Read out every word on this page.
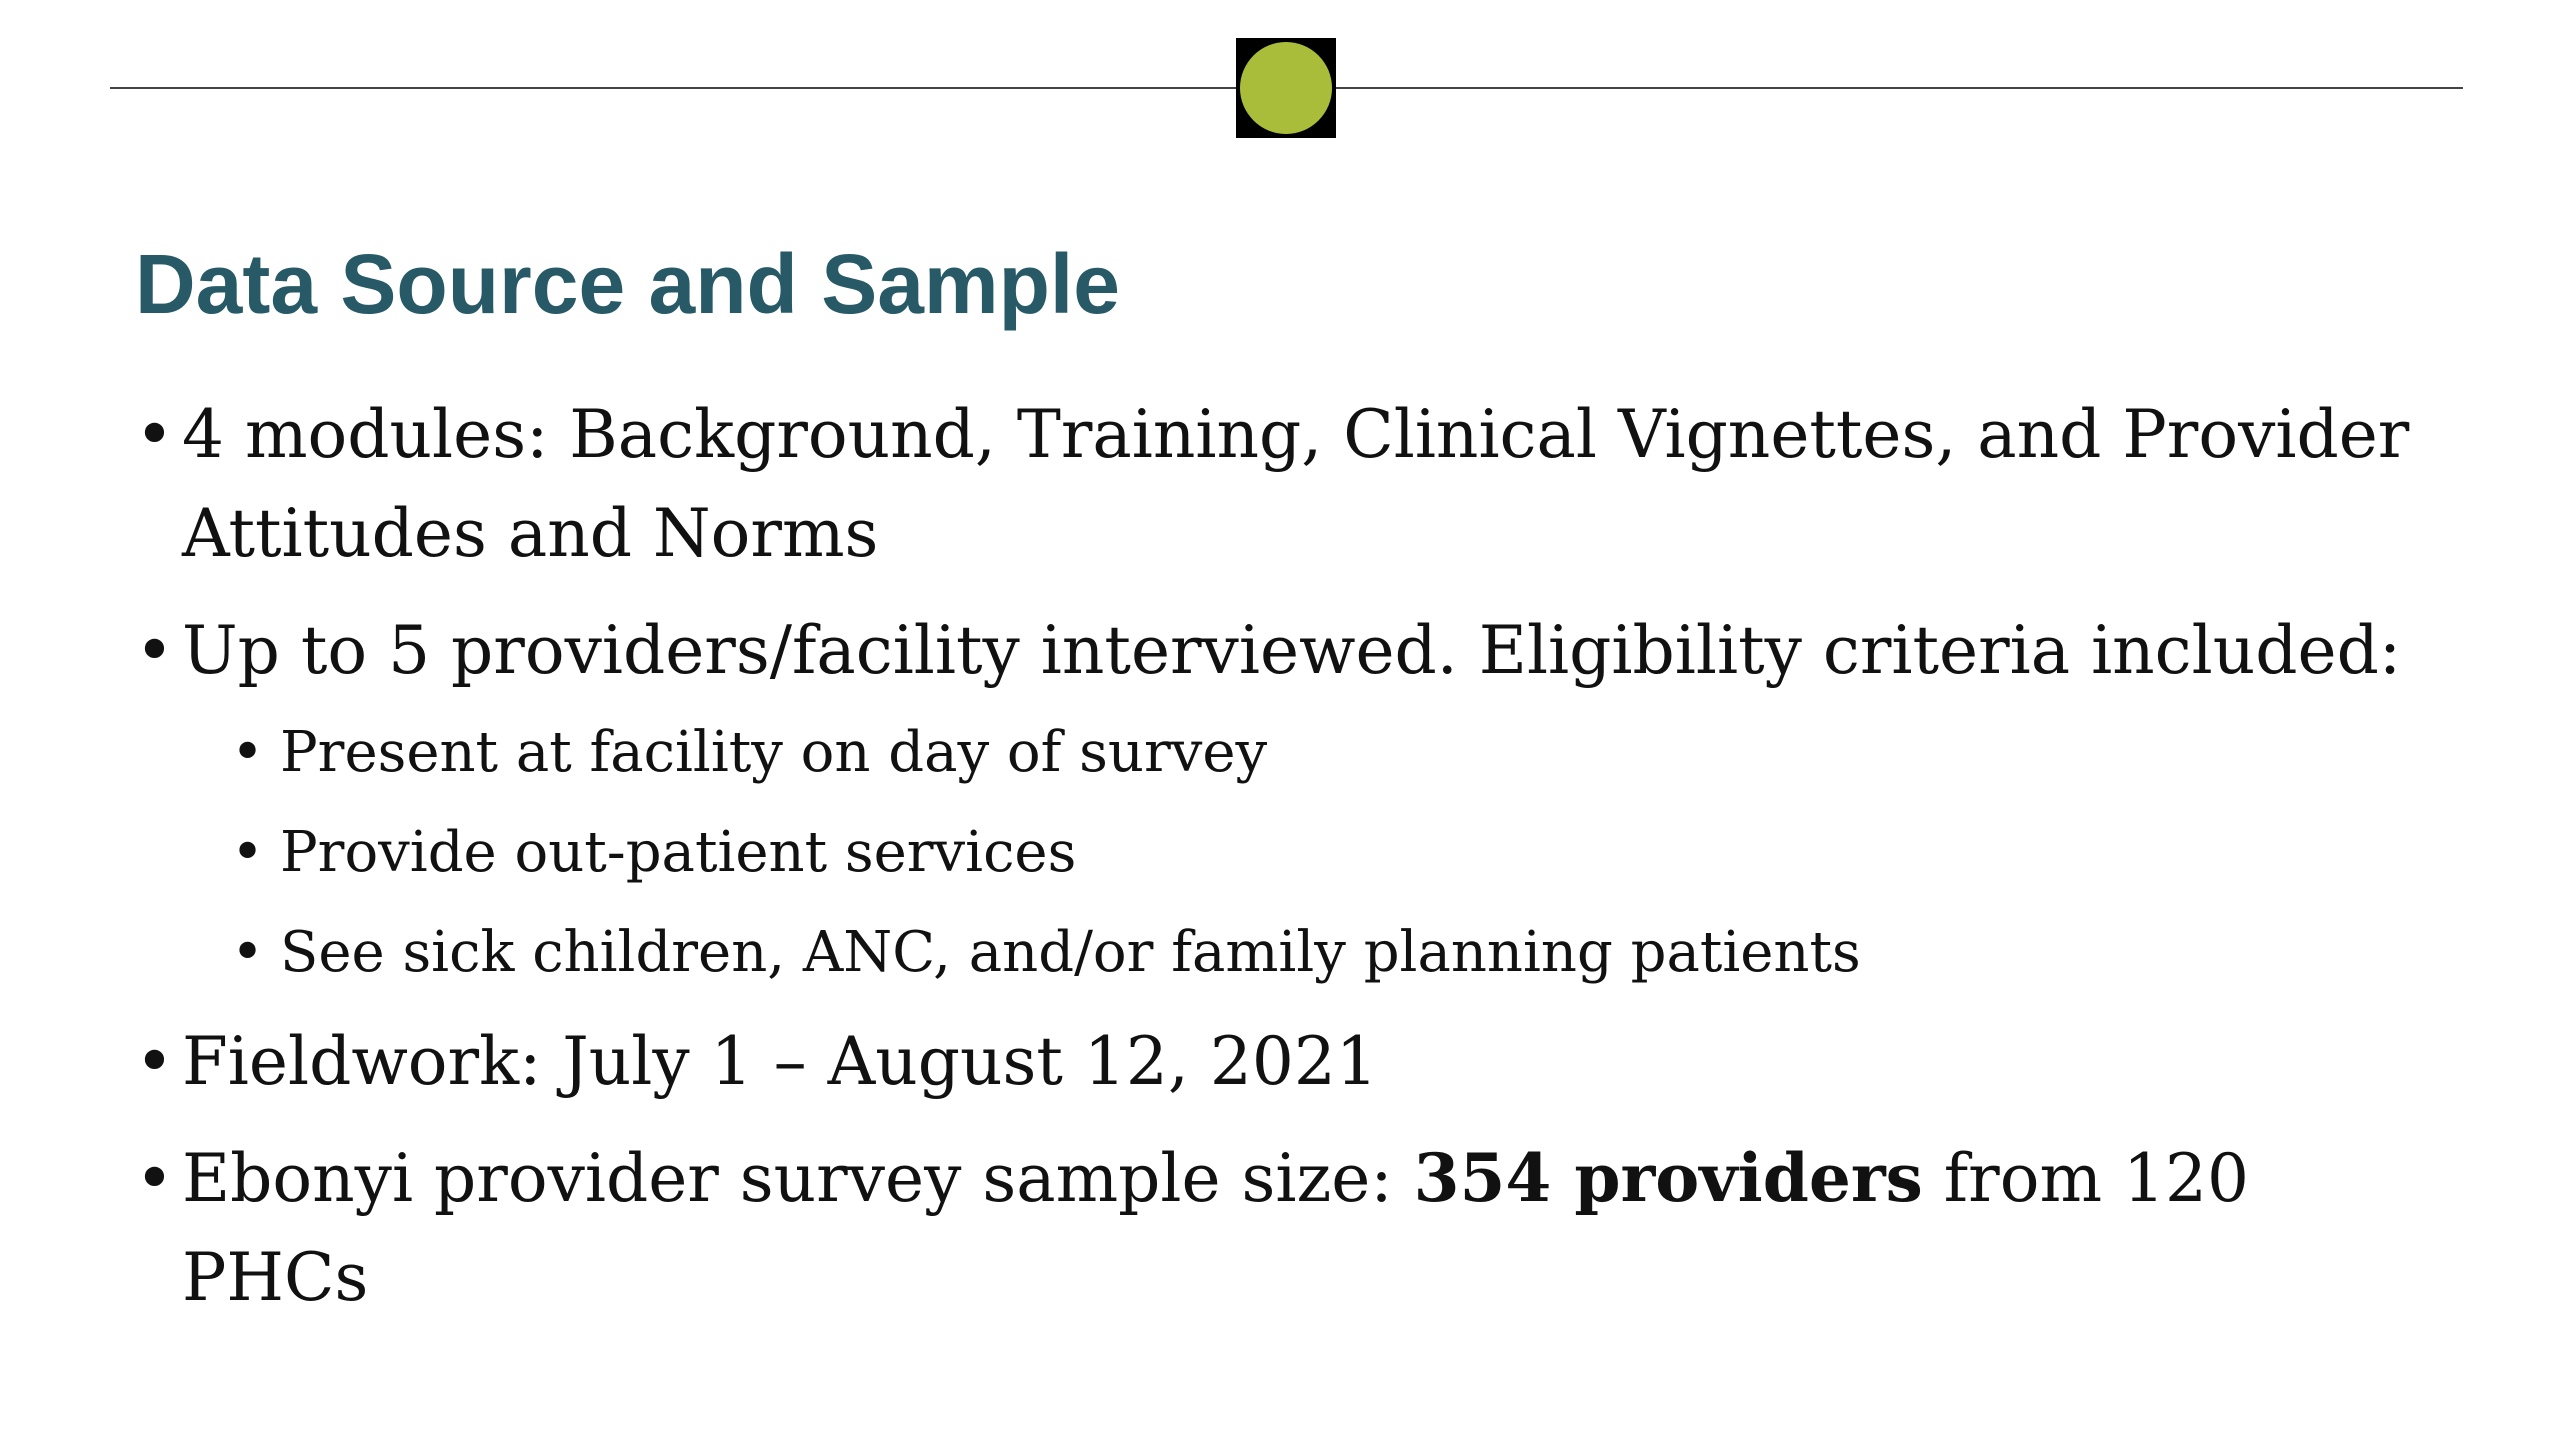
Data Source and Sample
• 4 modules: Background, Training, Clinical Vignettes, and Provider Attitudes and Norms
• Up to 5 providers/facility interviewed. Eligibility criteria included:
• Present at facility on day of survey
• Provide out-patient services
• See sick children, ANC, and/or family planning patients
• Fieldwork: July 1 – August 12, 2021
• Ebonyi provider survey sample size: 354 providers from 120 PHCs
